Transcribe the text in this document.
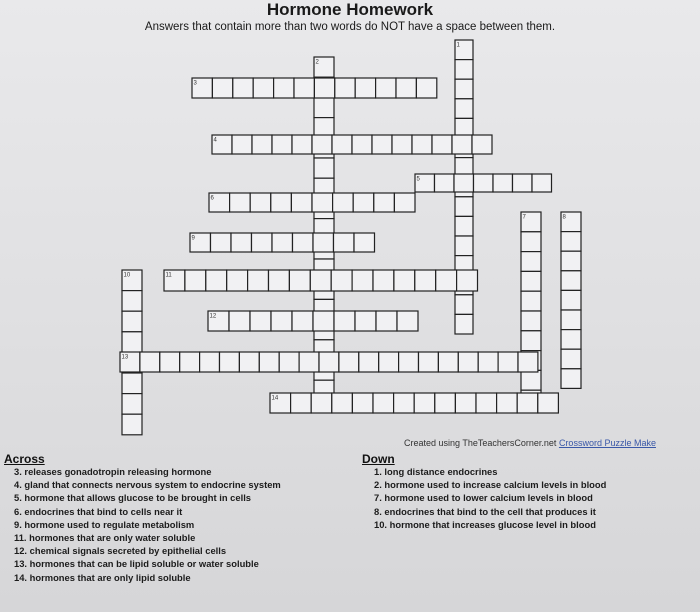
Hormone Homework
Answers that contain more than two words do NOT have a space between them.
1
2
3
4
5
6
7	8
9
10	11
12
13
14
Created using TheTeachersCorner.net Crossword Puzzle Make
Across
3. releases gonadotropin releasing hormone
4. gland that connects nervous system to endocrine system
5. hormone that allows glucose to be brought in cells
6. endocrines that bind to cells near it
9. hormone used to regulate metabolism
11. hormones that are only water soluble
12. chemical signals secreted by epithelial cells
13. hormones that can be lipid soluble or water soluble
14. hormones that are only lipid soluble
Down
1. long distance endocrines
2. hormone used to increase calcium levels in blood
7. hormone used to lower calcium levels in blood
8. endocrines that bind to the cell that produces it
10. hormone that increases glucose level in blood
